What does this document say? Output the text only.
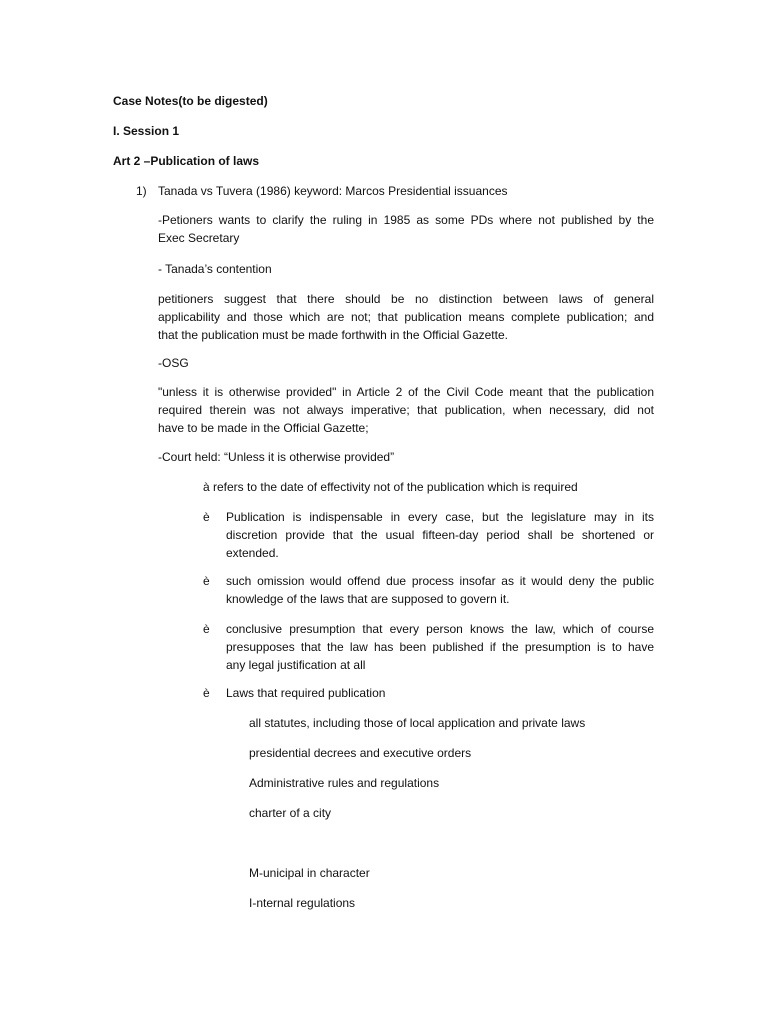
Case Notes(to be digested)
I. Session 1
Art 2 –Publication of laws
1) Tanada vs Tuvera (1986) keyword: Marcos Presidential issuances
-Petioners wants to clarify the ruling in 1985 as some PDs where not published by the
Exec Secretary
- Tanada’s contention
petitioners suggest that there should be no distinction between laws of general
applicability and those which are not; that publication means complete publication; and
that the publication must be made forthwith in the Official Gazette.
-OSG
"unless it is otherwise provided" in Article 2 of the Civil Code meant that the publication
required therein was not always imperative; that publication, when necessary, did not
have to be made in the Official Gazette;
-Court held: “Unless it is otherwise provided”
à refers to the date of effectivity not of the publication which is required
è Publication is indispensable in every case, but the legislature may in its
discretion provide that the usual fifteen-day period shall be shortened or
extended.
è such omission would offend due process insofar as it would deny the public
knowledge of the laws that are supposed to govern it.
è conclusive presumption that every person knows the law, which of course
presupposes that the law has been published if the presumption is to have
any legal justification at all
è Laws that required publication
all statutes, including those of local application and private laws
presidential decrees and executive orders
Administrative rules and regulations
charter of a city
M-unicipal in character
I-nternal regulations
